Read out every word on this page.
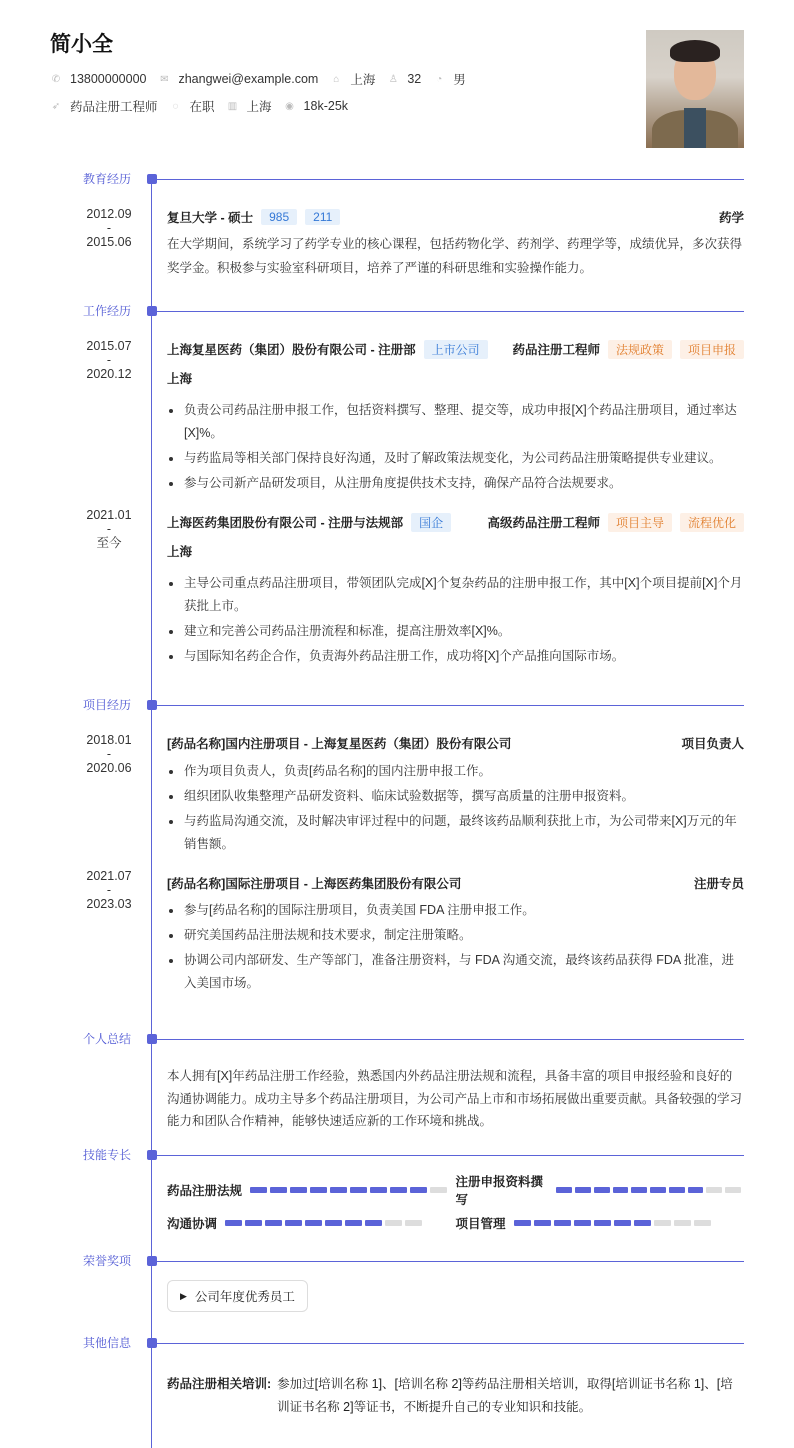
简小全
✆ 13800000000 ✉ zhangwei@example.com ⌂ 上海 ♙ 32 ◔ 男
➶ 药品注册工程师	◌ 在职 ▥ 上海 ◉ 18k-25k
教育经历
2012.09
-
2015.06
复旦大学 - 硕士	985	211	药学
在大学期间，系统学习了药学专业的核心课程，包括药物化学、药剂学、药理学等，成绩优异，多次获得奖学金。积极参与实验室科研项目，培养了严谨的科研思维和实验操作能力。
工作经历
2015.07
-
2020.12
上海复星医药（集团）股份有限公司 - 注册部	上市公司	药品注册工程师	法规政策	项目申报
上海
负责公司药品注册申报工作，包括资料撰写、整理、提交等，成功申报[X]个药品注册项目，通过率达[X]%。
与药监局等相关部门保持良好沟通，及时了解政策法规变化，为公司药品注册策略提供专业建议。
参与公司新产品研发项目，从注册角度提供技术支持，确保产品符合法规要求。
2021.01
-
至今
上海医药集团股份有限公司 - 注册与法规部	国企	高级药品注册工程师	项目主导	流程优化
上海
主导公司重点药品注册项目，带领团队完成[X]个复杂药品的注册申报工作，其中[X]个项目提前[X]个月获批上市。
建立和完善公司药品注册流程和标准，提高注册效率[X]%。
与国际知名药企合作，负责海外药品注册工作，成功将[X]个产品推向国际市场。
项目经历
2018.01
-
2020.06
[药品名称]国内注册项目 - 上海复星医药（集团）股份有限公司	项目负责人
作为项目负责人，负责[药品名称]的国内注册申报工作。
组织团队收集整理产品研发资料、临床试验数据等，撰写高质量的注册申报资料。
与药监局沟通交流，及时解决审评过程中的问题，最终该药品顺利获批上市，为公司带来[X]万元的年销售额。
2021.07
-
2023.03
[药品名称]国际注册项目 - 上海医药集团股份有限公司	注册专员
参与[药品名称]的国际注册项目，负责美国 FDA 注册申报工作。
研究美国药品注册法规和技术要求，制定注册策略。
协调公司内部研发、生产等部门，准备注册资料，与 FDA 沟通交流，最终该药品获得 FDA 批准，进入美国市场。
个人总结
本人拥有[X]年药品注册工作经验，熟悉国内外药品注册法规和流程，具备丰富的项目申报经验和良好的沟通协调能力。成功主导多个药品注册项目，为公司产品上市和市场拓展做出重要贡献。具备较强的学习能力和团队合作精神，能够快速适应新的工作环境和挑战。
技能专长
药品注册法规
注册申报资料撰写
沟通协调	项目管理
荣誉奖项
▶ 公司年度优秀员工
其他信息
药品注册相关培训: 参加过[培训名称 1]、[培训名称 2]等药品注册相关培训，取得[培训证书名称 1]、[培训证书名称 2]等证书，不断提升自己的专业知识和技能。
